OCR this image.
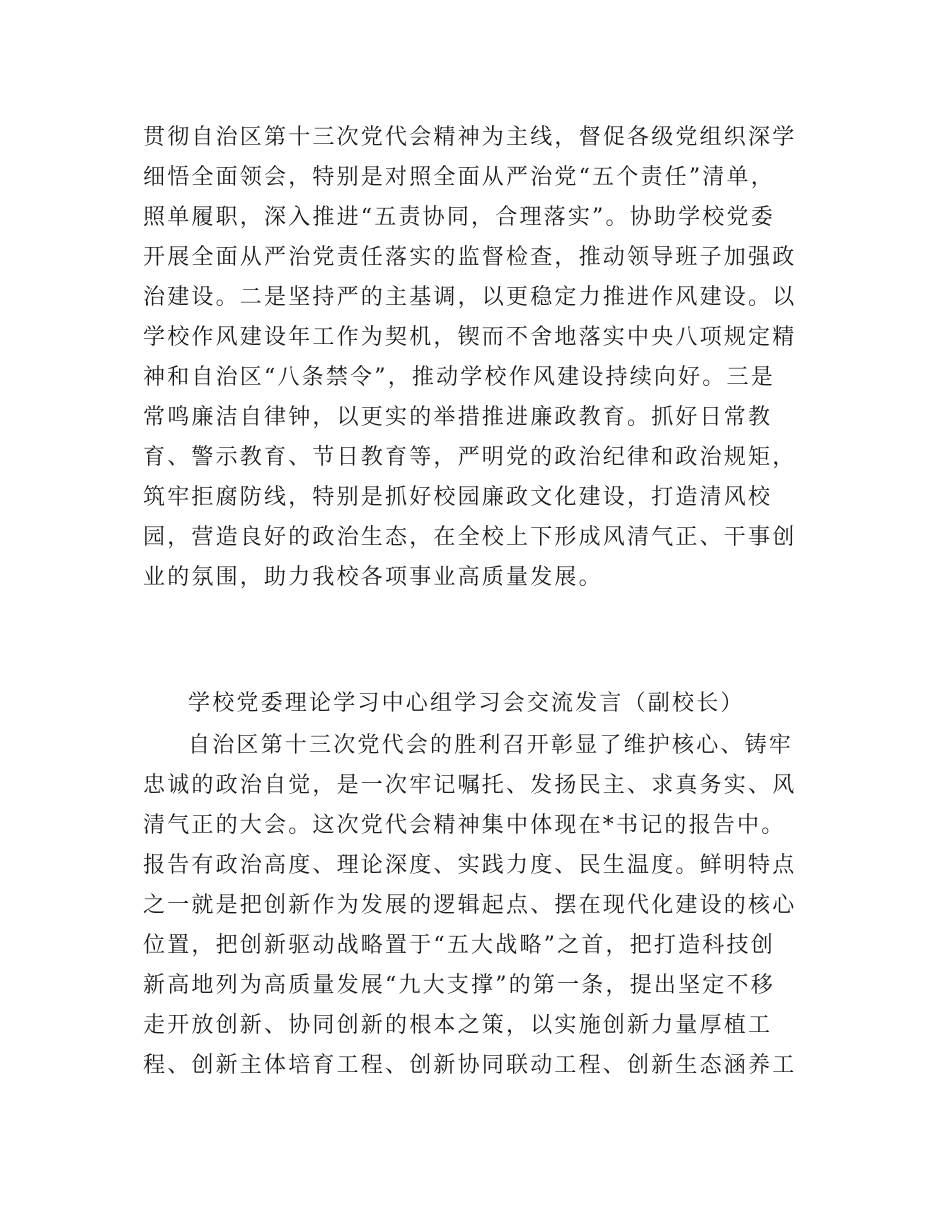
贯彻自治区第十三次党代会精神为主线，督促各级党组织深学
细悟全面领会，特别是对照全面从严治党“五个责任”清单，
照单履职，深入推进“五责协同，合理落实”。协助学校党委
开展全面从严治党责任落实的监督检查，推动领导班子加强政
治建设。二是坚持严的主基调，以更稳定力推进作风建设。以
学校作风建设年工作为契机，锲而不舍地落实中央八项规定精
神和自治区“八条禁令”，推动学校作风建设持续向好。三是
常鸣廉洁自律钟，以更实的举措推进廉政教育。抓好日常教
育、警示教育、节日教育等，严明党的政治纪律和政治规矩，
筑牢拒腐防线，特别是抓好校园廉政文化建设，打造清风校
园，营造良好的政治生态，在全校上下形成风清气正、干事创
业的氛围，助力我校各项事业高质量发展。
学校党委理论学习中心组学习会交流发言（副校长）
自治区第十三次党代会的胜利召开彰显了维护核心、铸牢
忠诚的政治自觉，是一次牢记嘱托、发扬民主、求真务实、风
清气正的大会。这次党代会精神集中体现在*书记的报告中。
报告有政治高度、理论深度、实践力度、民生温度。鲜明特点
之一就是把创新作为发展的逻辑起点、摆在现代化建设的核心
位置，把创新驱动战略置于“五大战略”之首，把打造科技创
新高地列为高质量发展“九大支撑”的第一条，提出坚定不移
走开放创新、协同创新的根本之策，以实施创新力量厚植工
程、创新主体培育工程、创新协同联动工程、创新生态涵养工
